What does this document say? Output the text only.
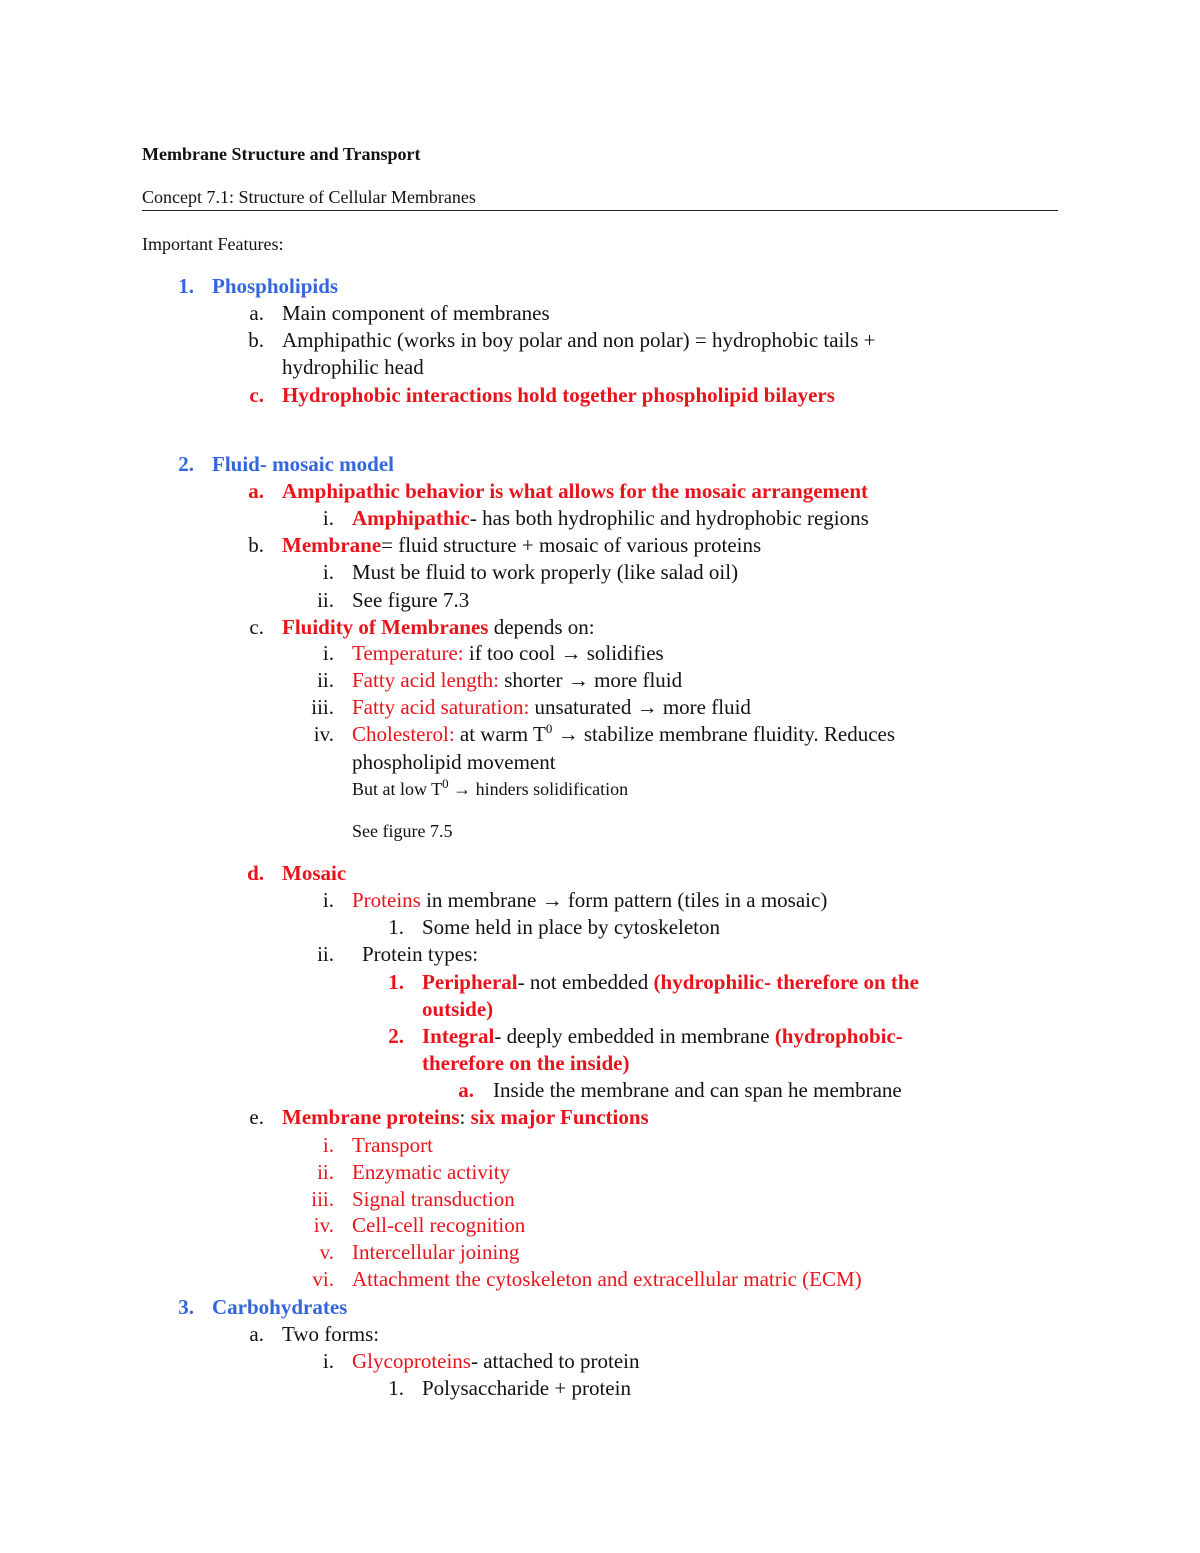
Membrane Structure and Transport
Concept 7.1: Structure of Cellular Membranes
Important Features:
1. Phospholipids
a. Main component of membranes
b. Amphipathic (works in boy polar and non polar) = hydrophobic tails +
hydrophilic head
c. Hydrophobic interactions hold together phospholipid bilayers
2. Fluid- mosaic model
a. Amphipathic behavior is what allows for the mosaic arrangement
i. Amphipathic- has both hydrophilic and hydrophobic regions
b. Membrane= fluid structure + mosaic of various proteins
i. Must be fluid to work properly (like salad oil)
ii. See figure 7.3
c. Fluidity of Membranes depends on:
i. Temperature: if too cool → solidifies
ii. Fatty acid length: shorter → more fluid
iii. Fatty acid saturation: unsaturated → more fluid
iv. Cholesterol: at warm $T^0$ → stabilize membrane fluidity. Reduces
phospholipid movement
But at low $T^0$ → hinders solidification
See figure 7.5
d. Mosaic
i. Proteins in membrane → form pattern (tiles in a mosaic)
1. Some held in place by cytoskeleton
ii. Protein types:
1. Peripheral- not embedded (hydrophilic- therefore on the
outside)
2. Integral- deeply embedded in membrane (hydrophobic-
therefore on the inside)
a. Inside the membrane and can span he membrane
e. Membrane proteins: six major Functions
i. Transport
ii. Enzymatic activity
iii. Signal transduction
iv. Cell-cell recognition
v. Intercellular joining
vi. Attachment the cytoskeleton and extracellular matric (ECM)
3. Carbohydrates
a. Two forms:
i. Glycoproteins- attached to protein
1. Polysaccharide + protein
